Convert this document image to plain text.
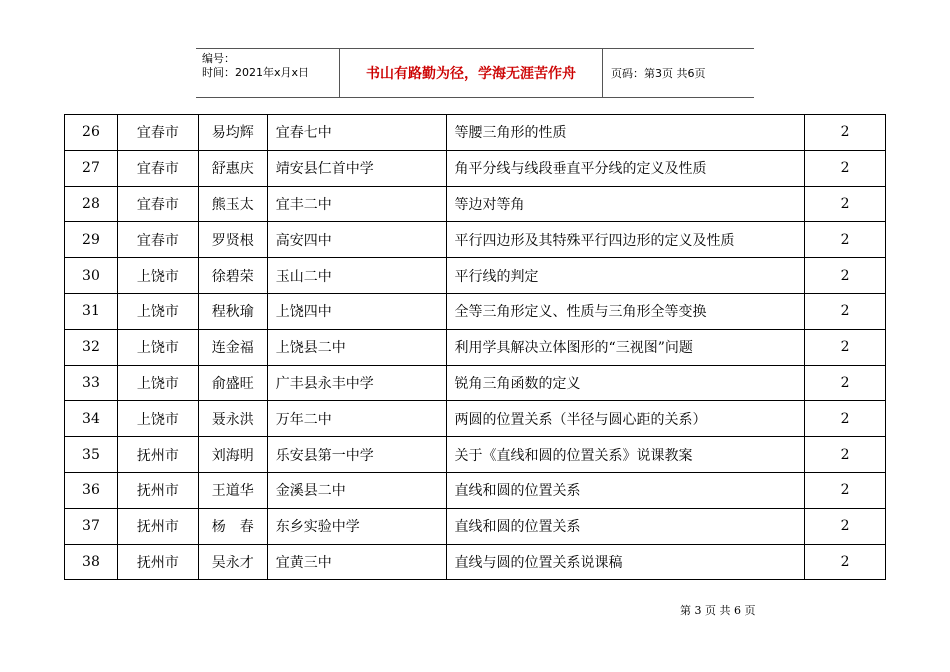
编号：
时间：2021年x月x日	书山有路勤为径，学海无涯苦作舟	页码：第3页 共6页
26	宜春市	易均辉	宜春七中	等腰三角形的性质	2
27	宜春市	舒惠庆	靖安县仁首中学	角平分线与线段垂直平分线的定义及性质	2
28	宜春市	熊玉太	宜丰二中	等边对等角	2
29	宜春市	罗贤根	高安四中	平行四边形及其特殊平行四边形的定义及性质	2
30	上饶市	徐碧荣	玉山二中	平行线的判定	2
31	上饶市	程秋瑜	上饶四中	全等三角形定义、性质与三角形全等变换	2
32	上饶市	连金福	上饶县二中	利用学具解决立体图形的“三视图”问题	2
33	上饶市	俞盛旺	广丰县永丰中学	锐角三角函数的定义	2
34	上饶市	聂永洪	万年二中	两圆的位置关系（半径与圆心距的关系）	2
35	抚州市	刘海明	乐安县第一中学	关于《直线和圆的位置关系》说课教案	2
36	抚州市	王道华	金溪县二中	直线和圆的位置关系	2
37	抚州市	杨　春	东乡实验中学	直线和圆的位置关系	2
38	抚州市	吴永才	宜黄三中	直线与圆的位置关系说课稿	2
第 3 页 共 6 页
